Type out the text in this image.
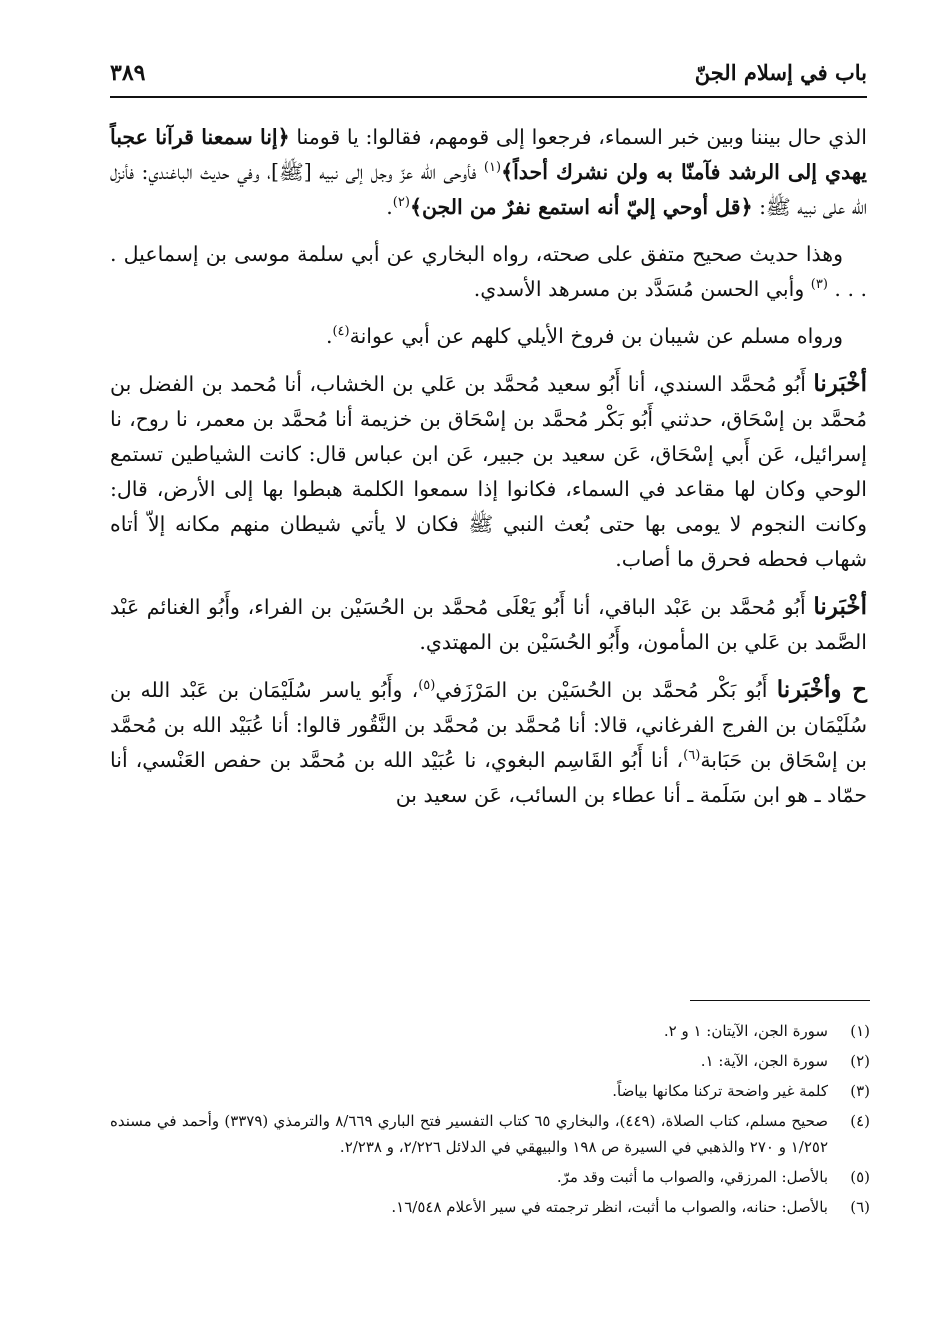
باب في إسلام الجنّ
٣٨٩

الذي حال بيننا وبين خبر السماء، فرجعوا إلى قومهم، فقالوا: يا قومنا ﴿إنا سمعنا قرآنا عجباً يهدي إلى الرشد فآمنّا به ولن نشرك أحداً﴾$^{(١)}$ فأوحى الله عزّ وجل إلى نبيه [ﷺ]، وفي حديث الباغندي: فأنزل الله على نبيه ﷺ: ﴿قل أوحي إليّ أنه استمع نفرٌ من الجن﴾$^{(٢)}$.

وهذا حديث صحيح متفق على صحته، رواه البخاري عن أبي سلمة موسى بن إسماعيل . . . . $^{(٣)}$ وأبي الحسن مُسَدَّد بن مسرهد الأسدي.

ورواه مسلم عن شيبان بن فروخ الأيلي كلهم عن أبي عوانة$^{(٤)}$.

أخْبَرنا أَبُو مُحمَّد السندي، أنا أَبُو سعيد مُحمَّد بن عَلي بن الخشاب، أنا مُحمد بن الفضل بن مُحمَّد بن إسْحَاق، حدثني أَبُو بَكْر مُحمَّد بن إسْحَاق بن خزيمة أنا مُحمَّد بن معمر، نا روح، نا إسرائيل، عَن أَبي إسْحَاق، عَن سعيد بن جبير، عَن ابن عباس قال: كانت الشياطين تستمع الوحي وكان لها مقاعد في السماء، فكانوا إذا سمعوا الكلمة هبطوا بها إلى الأرض، قال: وكانت النجوم لا يومى بها حتى بُعث النبي ﷺ فكان لا يأتي شيطان منهم مكانه إلاّ أتاه شهاب فحطه فحرق ما أصاب.

أخْبَرنا أَبُو مُحمَّد بن عَبْد الباقي، أنا أَبُو يَعْلَى مُحمَّد بن الحُسَيْن بن الفراء، وأَبُو الغنائم عَبْد الصَّمد بن عَلي بن المأمون، وأَبُو الحُسَيْن بن المهتدي.

ح وأخْبَرنا أَبُو بَكْر مُحمَّد بن الحُسَيْن بن المَرْزَفي$^{(٥)}$، وأَبُو ياسر سُلَيْمَان بن عَبْد الله بن سُلَيْمَان بن الفرج الفرغاني، قالا: أنا مُحمَّد بن مُحمَّد بن النَّقُور قالوا: أنا عُبَيْد الله بن مُحمَّد بن إسْحَاق بن حَبَابة$^{(٦)}$، أنا أَبُو القَاسِم البغوي، نا عُبَيْد الله بن مُحمَّد بن حفص العَنْسي، أنا حمّاد ـ هو ابن سَلَمة ـ أنا عطاء بن السائب، عَن سعيد بن

(١)
سورة الجن، الآيتان: ١ و ٢.
(٢)
سورة الجن، الآية: ١.
(٣)
كلمة غير واضحة تركنا مكانها بياضاً.
(٤)
صحيح مسلم، كتاب الصلاة، (٤٤٩)، والبخاري ٦٥ كتاب التفسير فتح الباري ٨/٦٦٩ والترمذي (٣٣٧٩) وأحمد في مسنده ١/٢٥٢ و ٢٧٠ والذهبي في السيرة ص ١٩٨ والبيهقي في الدلائل ٢/٢٢٦، و ٢/٢٣٨.
(٥)
بالأصل: المرزقي، والصواب ما أثبت وقد مرّ.
(٦)
بالأصل: حنانه، والصواب ما أثبت، انظر ترجمته في سير الأعلام ١٦/٥٤٨.
